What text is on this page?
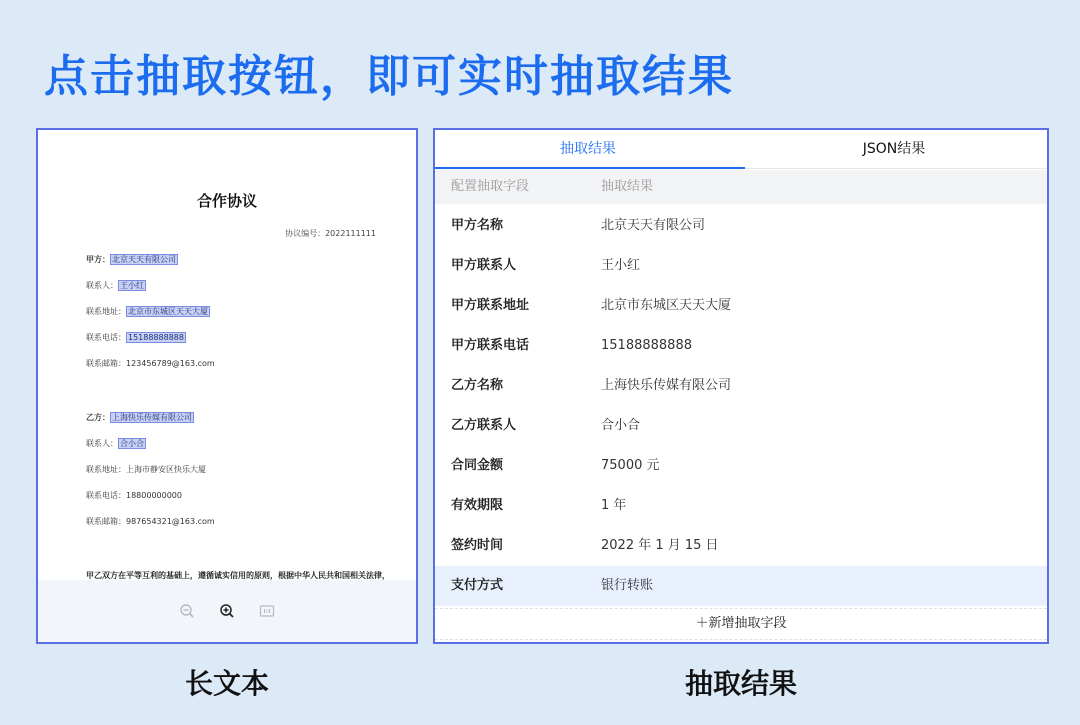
点击抽取按钮，即可实时抽取结果
合作协议
协议编号：2022111111
甲方： 北京天天有限公司
联系人： 王小红
联系地址： 北京市东城区天天大厦
联系电话： 15188888888
联系邮箱：123456789@163.com
乙方： 上海快乐传媒有限公司
联系人： 合小合
联系地址：上海市静安区快乐大厦
联系电话：18800000000
联系邮箱：987654321@163.com
甲乙双方在平等互利的基础上，遵循诚实信用的原则，根据中华人民共和国相关法律，
抽取结果	JSON结果
配置抽取字段	抽取结果
甲方名称	北京天天有限公司
甲方联系人	王小红
甲方联系地址	北京市东城区天天大厦
甲方联系电话	15188888888
乙方名称	上海快乐传媒有限公司
乙方联系人	合小合
合同金额	75000 元
有效期限	1 年
签约时间	2022 年 1 月 15 日
支付方式	银行转账
＋新增抽取字段
长文本	抽取结果
